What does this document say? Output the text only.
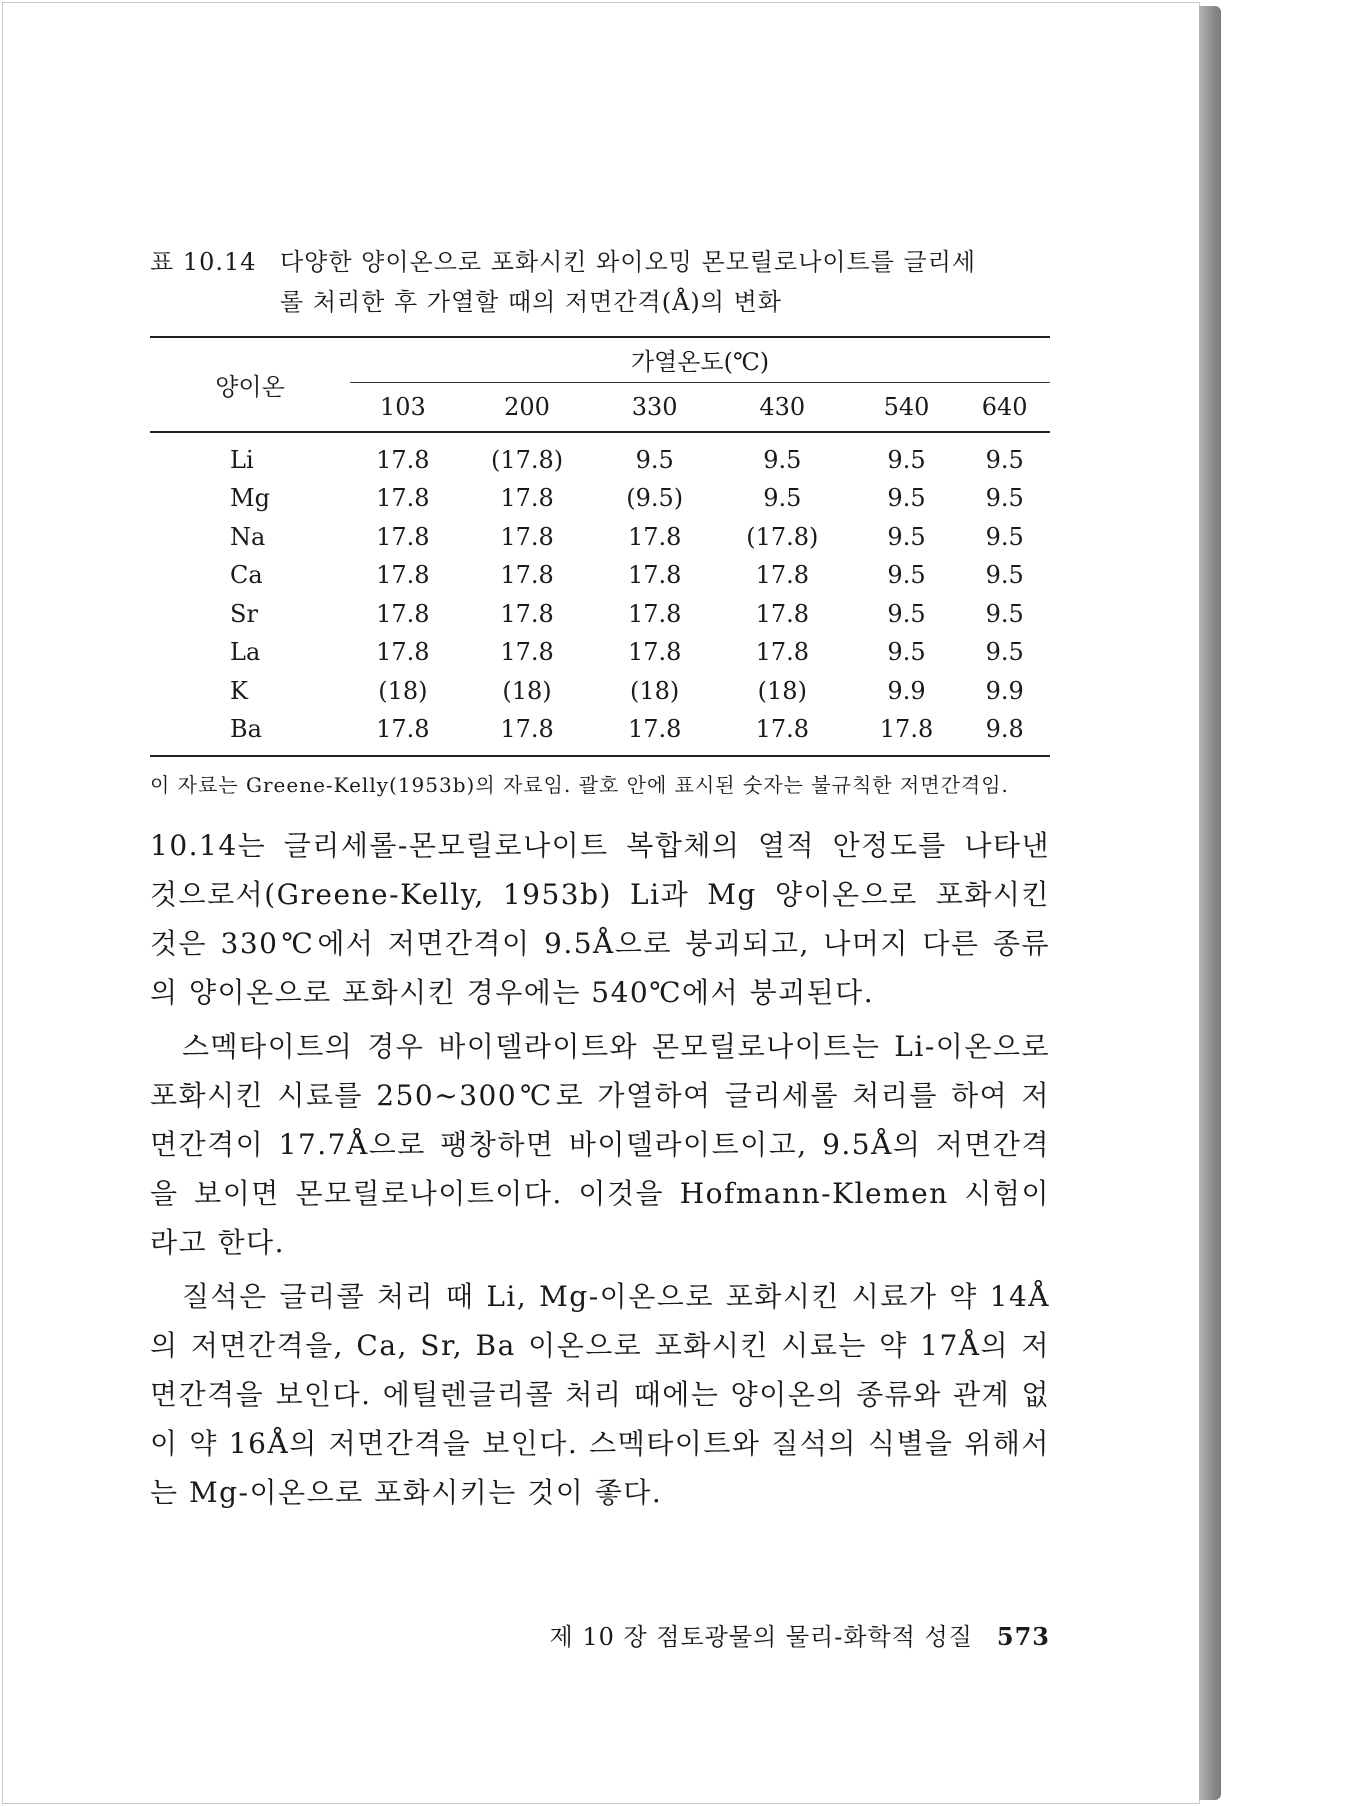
표 10.14 다양한 양이온으로 포화시킨 와이오밍 몬모릴로나이트를 글리세
롤 처리한 후 가열할 때의 저면간격(Å)의 변화
양이온	가열온도(℃)					
	103	200	330	430	540	640

Li	17.8	(17.8)	9.5	9.5	9.5	9.5
Mg	17.8	17.8	(9.5)	9.5	9.5	9.5
Na	17.8	17.8	17.8	(17.8)	9.5	9.5
Ca	17.8	17.8	17.8	17.8	9.5	9.5
Sr	17.8	17.8	17.8	17.8	9.5	9.5
La	17.8	17.8	17.8	17.8	9.5	9.5
K	(18)	(18)	(18)	(18)	9.9	9.9
Ba	17.8	17.8	17.8	17.8	17.8	9.8
이 자료는 Greene-Kelly(1953b)의 자료임. 괄호 안에 표시된 숫자는 불규칙한 저면간격임.

10.14는 글리세롤-몬모릴로나이트 복합체의 열적 안정도를 나타낸 것으로서(Greene-Kelly, 1953b) Li과 Mg 양이온으로 포화시킨 것은 330℃에서 저면간격이 9.5Å으로 붕괴되고, 나머지 다른 종류의 양이온으로 포화시킨 경우에는 540℃에서 붕괴된다.

스멕타이트의 경우 바이델라이트와 몬모릴로나이트는 Li-이온으로 포화시킨 시료를 250~300℃로 가열하여 글리세롤 처리를 하여 저면간격이 17.7Å으로 팽창하면 바이델라이트이고, 9.5Å의 저면간격을 보이면 몬모릴로나이트이다. 이것을 Hofmann-Klemen 시험이라고 한다.

질석은 글리콜 처리 때 Li, Mg-이온으로 포화시킨 시료가 약 14Å의 저면간격을, Ca, Sr, Ba 이온으로 포화시킨 시료는 약 17Å의 저면간격을 보인다. 에틸렌글리콜 처리 때에는 양이온의 종류와 관계 없이 약 16Å의 저면간격을 보인다. 스멕타이트와 질석의 식별을 위해서는 Mg-이온으로 포화시키는 것이 좋다.

제 10 장 점토광물의 물리-화학적 성질 573
